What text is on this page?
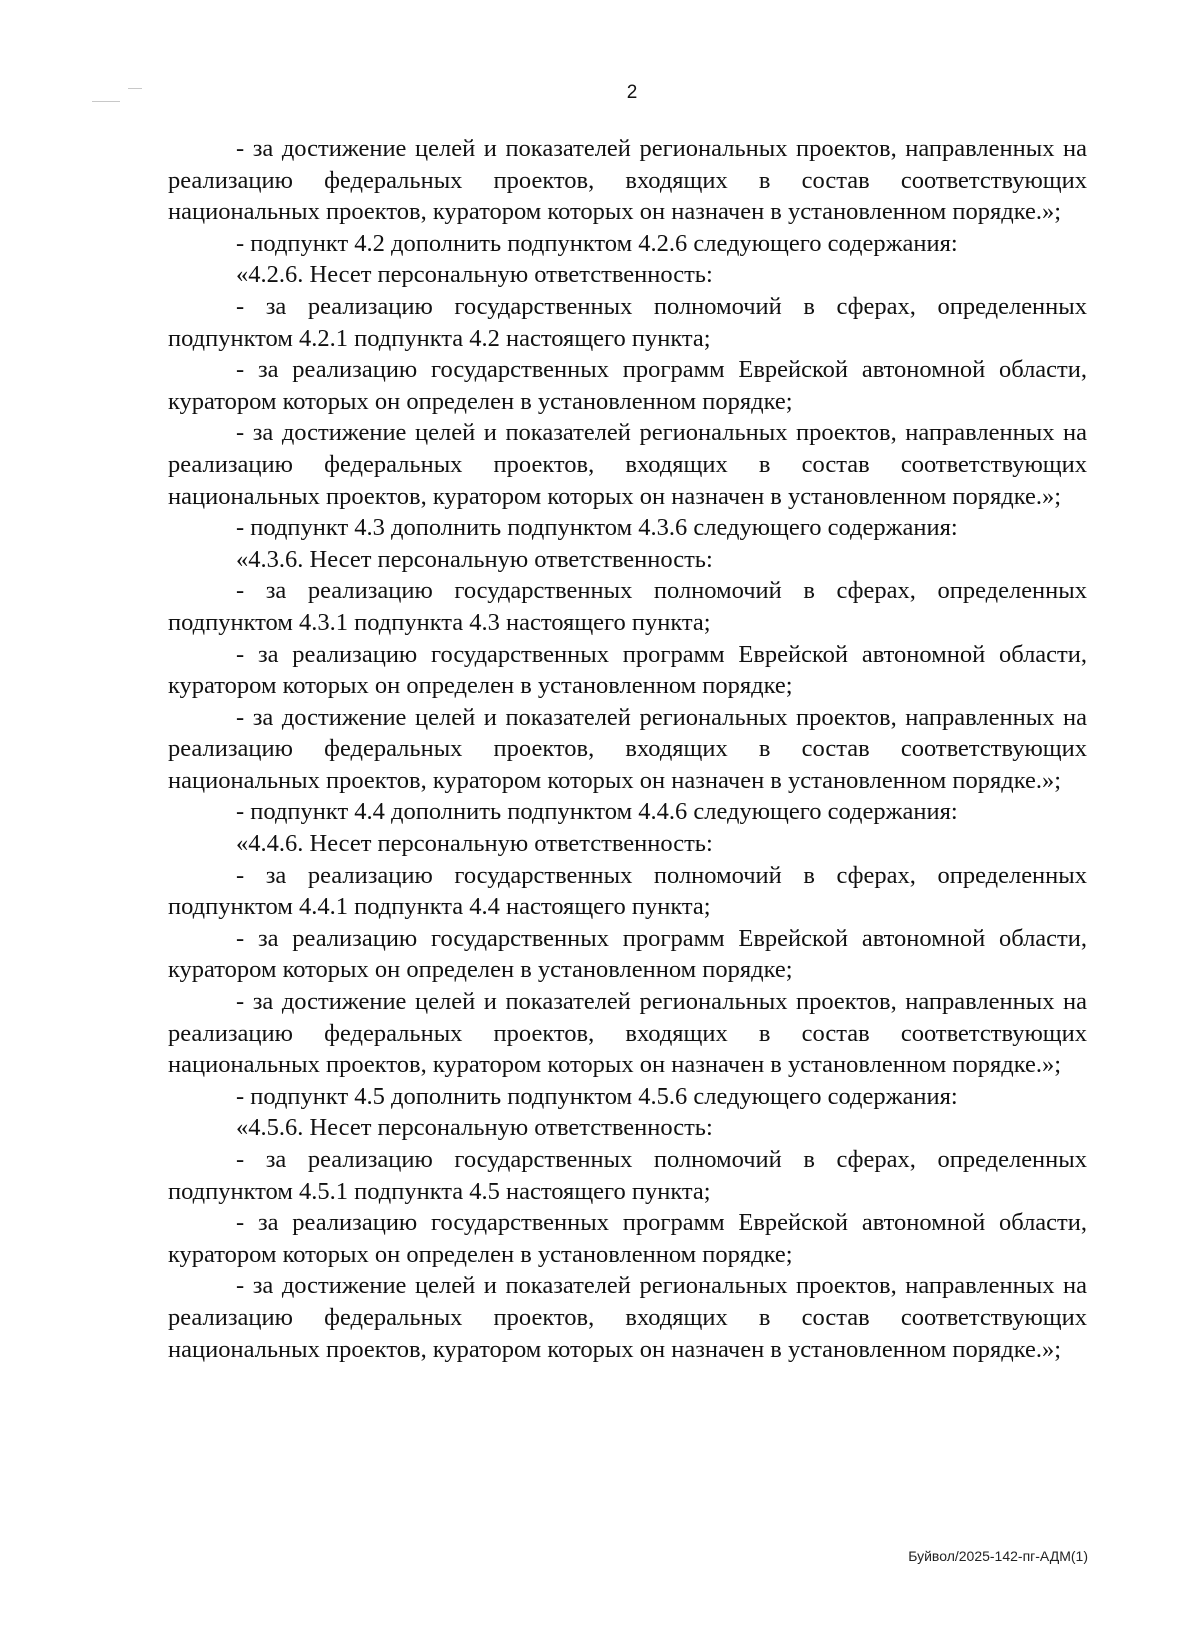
2

- за достижение целей и показателей региональных проектов, направленных на реализацию федеральных проектов, входящих в состав соответствующих национальных проектов, куратором которых он назначен в установленном порядке.»;

- подпункт 4.2 дополнить подпунктом 4.2.6 следующего содержания:

«4.2.6. Несет персональную ответственность:

- за реализацию государственных полномочий в сферах, определенных подпунктом 4.2.1 подпункта 4.2 настоящего пункта;

- за реализацию государственных программ Еврейской автономной области, куратором которых он определен в установленном порядке;

- за достижение целей и показателей региональных проектов, направленных на реализацию федеральных проектов, входящих в состав соответствующих национальных проектов, куратором которых он назначен в установленном порядке.»;

- подпункт 4.3 дополнить подпунктом 4.3.6 следующего содержания:

«4.3.6. Несет персональную ответственность:

- за реализацию государственных полномочий в сферах, определенных подпунктом 4.3.1 подпункта 4.3 настоящего пункта;

- за реализацию государственных программ Еврейской автономной области, куратором которых он определен в установленном порядке;

- за достижение целей и показателей региональных проектов, направленных на реализацию федеральных проектов, входящих в состав соответствующих национальных проектов, куратором которых он назначен в установленном порядке.»;

- подпункт 4.4 дополнить подпунктом 4.4.6 следующего содержания:

«4.4.6. Несет персональную ответственность:

- за реализацию государственных полномочий в сферах, определенных подпунктом 4.4.1 подпункта 4.4 настоящего пункта;

- за реализацию государственных программ Еврейской автономной области, куратором которых он определен в установленном порядке;

- за достижение целей и показателей региональных проектов, направленных на реализацию федеральных проектов, входящих в состав соответствующих национальных проектов, куратором которых он назначен в установленном порядке.»;

- подпункт 4.5 дополнить подпунктом 4.5.6 следующего содержания:

«4.5.6. Несет персональную ответственность:

- за реализацию государственных полномочий в сферах, определенных подпунктом 4.5.1 подпункта 4.5 настоящего пункта;

- за реализацию государственных программ Еврейской автономной области, куратором которых он определен в установленном порядке;

- за достижение целей и показателей региональных проектов, направленных на реализацию федеральных проектов, входящих в состав соответствующих национальных проектов, куратором которых он назначен в установленном порядке.»;

Буйвол/2025-142-пг-АДМ(1)
